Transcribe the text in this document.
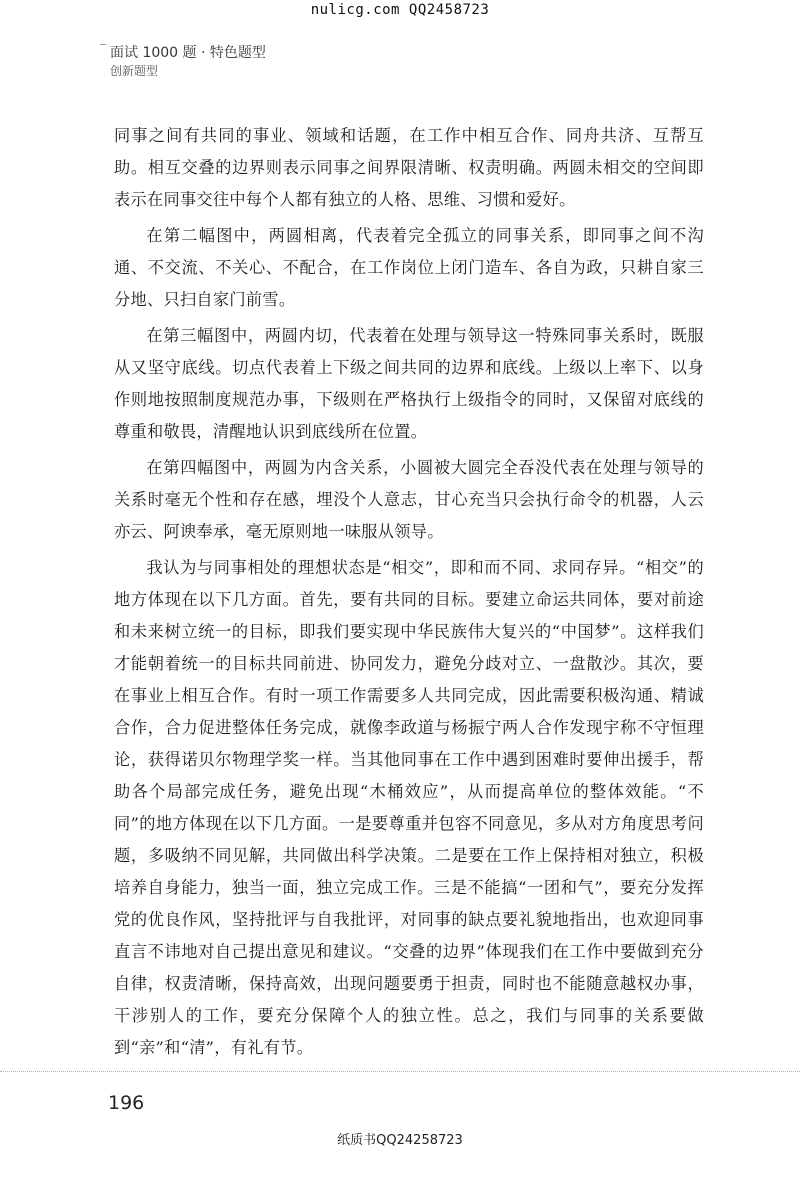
nulicg.com QQ2458723
面试 1000 题 · 特色题型
创新题型

同事之间有共同的事业、领域和话题，在工作中相互合作、同舟共济、互帮互助。相互交叠的边界则表示同事之间界限清晰、权责明确。两圆未相交的空间即表示在同事交往中每个人都有独立的人格、思维、习惯和爱好。

在第二幅图中，两圆相离，代表着完全孤立的同事关系，即同事之间不沟通、不交流、不关心、不配合，在工作岗位上闭门造车、各自为政，只耕自家三分地、只扫自家门前雪。

在第三幅图中，两圆内切，代表着在处理与领导这一特殊同事关系时，既服从又坚守底线。切点代表着上下级之间共同的边界和底线。上级以上率下、以身作则地按照制度规范办事，下级则在严格执行上级指令的同时，又保留对底线的尊重和敬畏，清醒地认识到底线所在位置。

在第四幅图中，两圆为内含关系，小圆被大圆完全吞没代表在处理与领导的关系时毫无个性和存在感，埋没个人意志，甘心充当只会执行命令的机器，人云亦云、阿谀奉承，毫无原则地一味服从领导。

我认为与同事相处的理想状态是“相交”，即和而不同、求同存异。“相交”的地方体现在以下几方面。首先，要有共同的目标。要建立命运共同体，要对前途和未来树立统一的目标，即我们要实现中华民族伟大复兴的“中国梦”。这样我们才能朝着统一的目标共同前进、协同发力，避免分歧对立、一盘散沙。其次，要在事业上相互合作。有时一项工作需要多人共同完成，因此需要积极沟通、精诚合作，合力促进整体任务完成，就像李政道与杨振宁两人合作发现宇称不守恒理论，获得诺贝尔物理学奖一样。当其他同事在工作中遇到困难时要伸出援手，帮助各个局部完成任务，避免出现“木桶效应”，从而提高单位的整体效能。“不同”的地方体现在以下几方面。一是要尊重并包容不同意见，多从对方角度思考问题，多吸纳不同见解，共同做出科学决策。二是要在工作上保持相对独立，积极培养自身能力，独当一面，独立完成工作。三是不能搞“一团和气”，要充分发挥党的优良作风，坚持批评与自我批评，对同事的缺点要礼貌地指出，也欢迎同事直言不讳地对自己提出意见和建议。“交叠的边界”体现我们在工作中要做到充分自律，权责清晰，保持高效，出现问题要勇于担责，同时也不能随意越权办事，干涉别人的工作，要充分保障个人的独立性。总之，我们与同事的关系要做到“亲”和“清”，有礼有节。

196
纸质书QQ24258723
